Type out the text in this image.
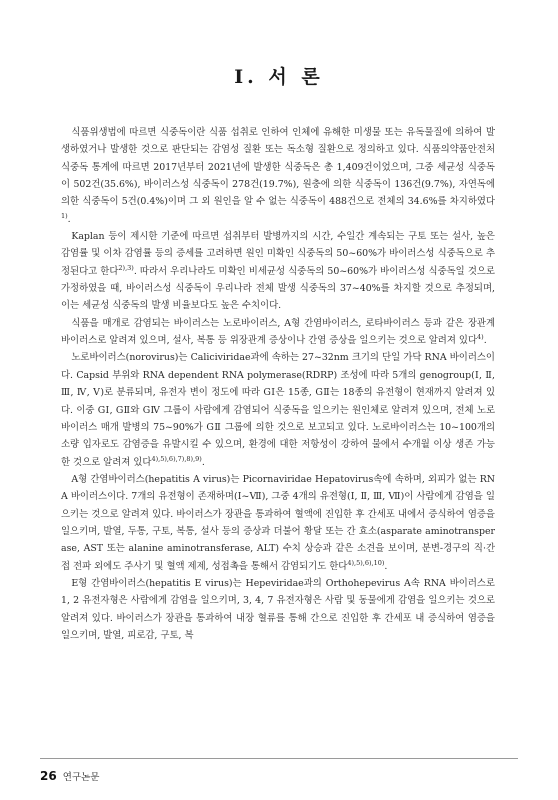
Ⅰ. 서 론

식품위생법에 따르면 식중독이란 식품 섭취로 인하여 인체에 유해한 미생물 또는 유독물질에 의하여 발생하였거나 발생한 것으로 판단되는 감염성 질환 또는 독소형 질환으로 정의하고 있다. 식품의약품안전처 식중독 통계에 따르면 2017년부터 2021년에 발생한 식중독은 총 1,409건이었으며, 그중 세균성 식중독이 502건(35.6%), 바이러스성 식중독이 278건(19.7%), 원충에 의한 식중독이 136건(9.7%), 자연독에 의한 식중독이 5건(0.4%)이며 그 외 원인을 알 수 없는 식중독이 488건으로 전체의 34.6%를 차지하였다$^{1)}$.

Kaplan 등이 제시한 기준에 따르면 섭취부터 발병까지의 시간, 수일간 계속되는 구토 또는 설사, 높은 감염률 및 이차 감염률 등의 증세를 고려하면 원인 미확인 식중독의 50~60%가 바이러스성 식중독으로 추정된다고 한다$^{2),3)}$. 따라서 우리나라도 미확인 비세균성 식중독의 50~60%가 바이러스성 식중독일 것으로 가정하였을 때, 바이러스성 식중독이 우리나라 전체 발생 식중독의 37~40%를 차지할 것으로 추정되며, 이는 세균성 식중독의 발생 비율보다도 높은 수치이다.

식품을 매개로 감염되는 바이러스는 노로바이러스, A형 간염바이러스, 로타바이러스 등과 같은 장관계 바이러스로 알려져 있으며, 설사, 복통 등 위장관계 증상이나 간염 증상을 일으키는 것으로 알려져 있다$^{4)}$.

노로바이러스(norovirus)는 Caliciviridae과에 속하는 27~32nm 크기의 단일 가닥 RNA 바이러스이다. Capsid 부위와 RNA dependent RNA polymerase(RDRP) 조성에 따라 5개의 genogroup(Ⅰ, Ⅱ, Ⅲ, Ⅳ, Ⅴ)로 분류되며, 유전자 변이 정도에 따라 GⅠ은 15종, GⅡ는 18종의 유전형이 현재까지 알려져 있다. 이중 GⅠ, GⅡ와 GⅣ 그룹이 사람에게 감염되어 식중독을 일으키는 원인체로 알려져 있으며, 전체 노로바이러스 매개 발병의 75~90%가 GⅡ 그룹에 의한 것으로 보고되고 있다. 노로바이러스는 10~100개의 소량 입자로도 감염증을 유발시킬 수 있으며, 환경에 대한 저항성이 강하여 물에서 수개월 이상 생존 가능한 것으로 알려져 있다$^{4),5),6),7),8),9)}$.

A형 간염바이러스(hepatitis A virus)는 Picornaviridae Hepatovirus속에 속하며, 외피가 없는 RNA 바이러스이다. 7개의 유전형이 존재하며(Ⅰ~Ⅶ), 그중 4개의 유전형(Ⅰ, Ⅱ, Ⅲ, Ⅶ)이 사람에게 감염을 일으키는 것으로 알려져 있다. 바이러스가 장관을 통과하여 혈액에 진입한 후 간세포 내에서 증식하여 염증을 일으키며, 발열, 두통, 구토, 복통, 설사 등의 증상과 더불어 황달 또는 간 효소(asparate aminotransperase, AST 또는 alanine aminotransferase, ALT) 수치 상승과 같은 소견을 보이며, 분변-경구의 직·간접 전파 외에도 주사기 및 혈액 제제, 성접촉을 통해서 감염되기도 한다$^{4),5),6),10)}$.

E형 간염바이러스(hepatitis E virus)는 Hepeviridae과의 Orthohepevirus A속 RNA 바이러스로 1, 2 유전자형은 사람에게 감염을 일으키며, 3, 4, 7 유전자형은 사람 및 동물에게 감염을 일으키는 것으로 알려져 있다. 바이러스가 장관을 통과하여 내장 혈류를 통해 간으로 진입한 후 간세포 내 증식하여 염증을 일으키며, 발열, 피로감, 구토, 복

26 연구논문
